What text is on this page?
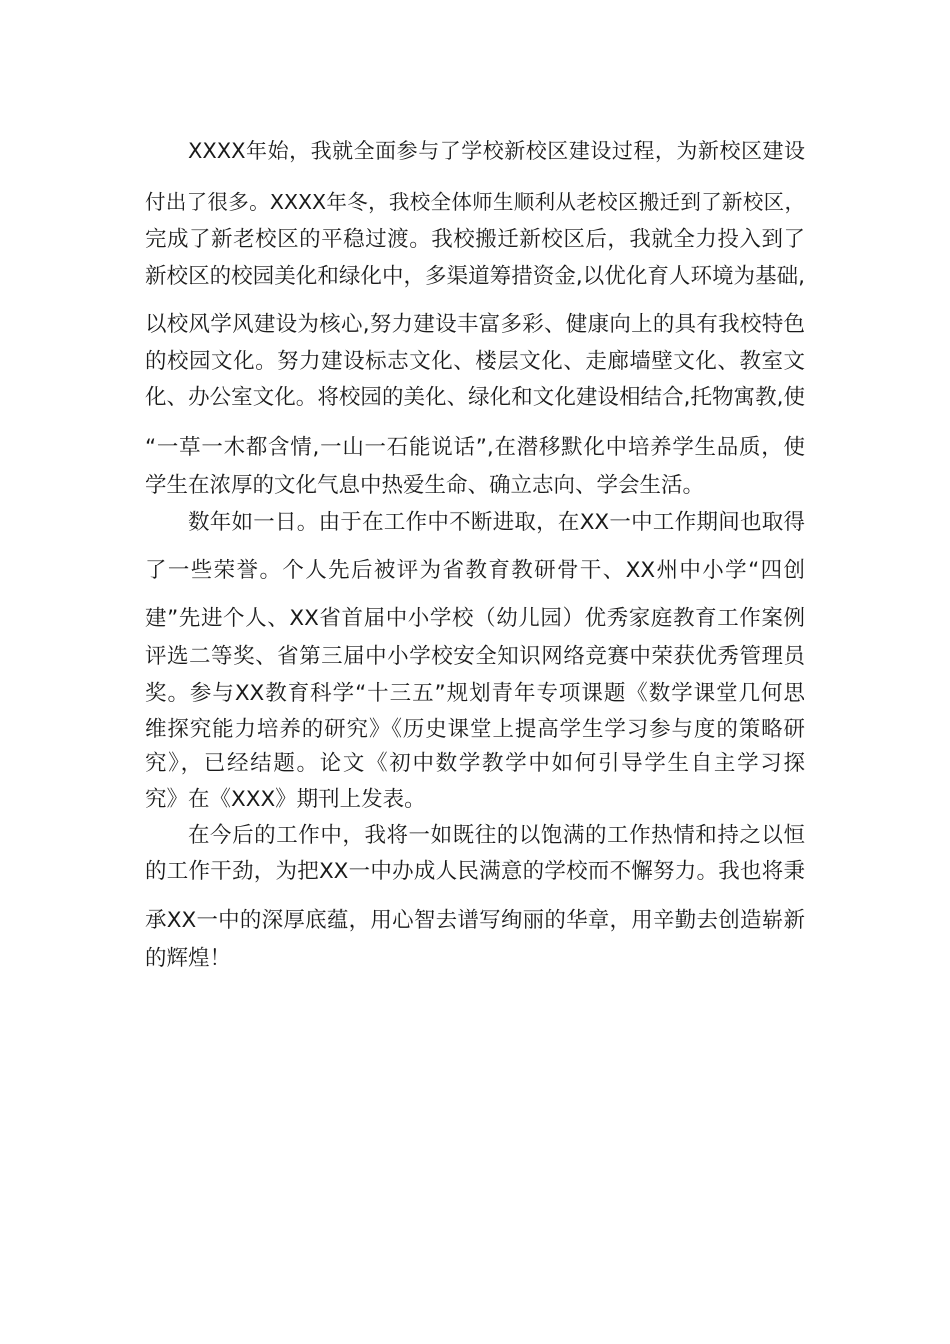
XXXX年始，我就全面参与了学校新校区建设过程，为新校区建设
付出了很多。XXXX年冬，我校全体师生顺利从老校区搬迁到了新校区，
完成了新老校区的平稳过渡。我校搬迁新校区后，我就全力投入到了
新校区的校园美化和绿化中，多渠道筹措资金,以优化育人环境为基础,
以校风学风建设为核心,努力建设丰富多彩、健康向上的具有我校特色
的校园文化。努力建设标志文化、楼层文化、走廊墙壁文化、教室文
化、办公室文化。将校园的美化、绿化和文化建设相结合,托物寓教,使
“一草一木都含情,一山一石能说话”,在潜移默化中培养学生品质，使
学生在浓厚的文化气息中热爱生命、确立志向、学会生活。
数年如一日。由于在工作中不断进取，在XX一中工作期间也取得
了一些荣誉。个人先后被评为省教育教研骨干、XX州中小学“四创
建”先进个人、XX省首届中小学校（幼儿园）优秀家庭教育工作案例
评选二等奖、省第三届中小学校安全知识网络竞赛中荣获优秀管理员
奖。参与XX教育科学“十三五”规划青年专项课题《数学课堂几何思
维探究能力培养的研究》《历史课堂上提高学生学习参与度的策略研
究》，已经结题。论文《初中数学教学中如何引导学生自主学习探
究》在《XXX》期刊上发表。
在今后的工作中，我将一如既往的以饱满的工作热情和持之以恒
的工作干劲，为把XX一中办成人民满意的学校而不懈努力。我也将秉
承XX一中的深厚底蕴，用心智去谱写绚丽的华章，用辛勤去创造崭新
的辉煌！
